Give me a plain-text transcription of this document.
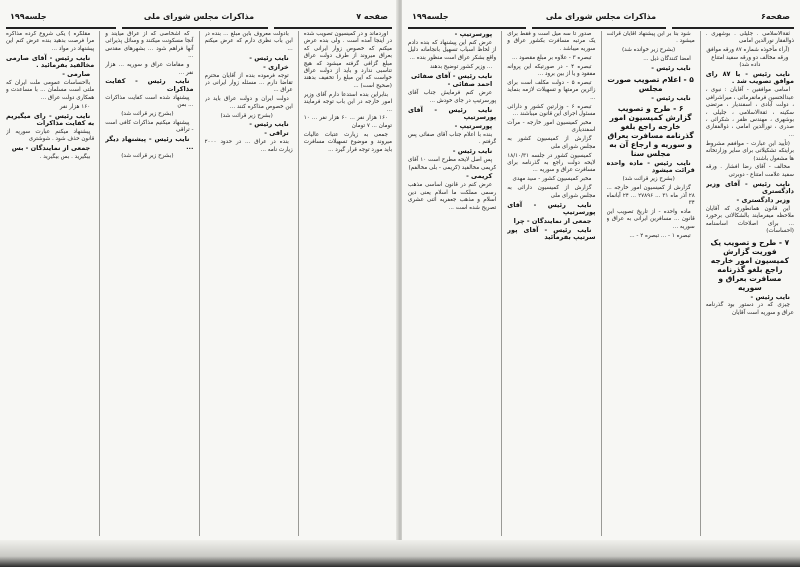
صفحه ۷
مذاکرات مجلس شورای ملی
جلسه۱۹۹

آوردماند و در کمیسیون تصویب شده در اینجا آمده است . ولی بنده عرض میکنم که خصوص زوار ایرانی که بعراق میروند از طرف دولت عراق مبلغ گزافی گرفته میشود که هیچ تناسبی ندارد و باید از دولت عراق خواست که این مبلغ را تخفیف بدهند (صحیح است) ...

بنابراین بنده استدعا دارم آقای وزیر امور خارجه در این باب توجه فرمایند ...

۱۶۰ هزار نفر ... ۶۰ هزار نفر ... ۱۰ تومان ... ۷ تومان

جمعی به زیارت عتبات عالیات میروند و موضوع تسهیلات مسافرت باید مورد توجه قرار گیرد ...

بادولت معروف باین مبلغ ... بنده در این باب نظری دارم که عرض میکنم ...

نایب رئیس -

خرازی -

توجه فرموده بنده از آقایان محترم تقاضا دارم ... مسئله زوار ایرانی در عراق ...

دولت ایران و دولت عراق باید در این خصوص مذاکره کنند ...

(بشرح زیر قرائت شد)

نایب رئیس -

تراقی -

بنده در عراق ... در حدود ۲۰۰۰ زیارت نامه ...

که اشخاصی که از عراق میآیند و آنجا مسکونت میکنند و وسائل پذیرائی آنها فراهم شود ... بشهرهای مقدس ...

و مقامات عراق و سوریه ... هزار نفر ...

نایب رئیس - کفایت مذاکرات

پیشنهاد شده است کفایت مذاکرات ... بمن

(بشرح زیر قرائت شد)

پیشنهاد میکنیم مذاکرات کافی است - تراقی

نایب رئیس - پیشنهاد دیگر ...

(بشرح زیر قرائت شد)

مقلگره ) یکی شروع کرده مذاکره مرا فرصت بدهید بنده عرض کنم این پیشنهاد در مواد ...

نایب رئیس - آقای صارمی مخالفید بفرمائید .

صارمی -

بااحساسات عمومی ملت ایران که ملتی است مسلمان ... با مساعدت و همکاری دولت عراق ...

۱۶۰ هزار نفر

نایب رئیس - رای میگیریم به کفایت مذاکرات

پیشنهاد میکنم عبارت سوریه از قانون حذف شود . شوشتری

جمعی از نمایندگان - بس

بیگیرید . بس بیگیرید .

صفحه۶
مذاکرات مجلس شورای ملی
جلسه۱۹۹

ثقةالاسلامی . جلیلی . بوشهری . ذوالفقار نورالدین امامی

(آراء مأخوذه شماره ۸۷ ورقه موافق ورقه مخالف دو ورقه سفید امتناع داده شد)

نایب رئیس - با ۸۷ رای موافق تصویب شد .

اسامی موافقین - آقایان : نبوی ، عبدالحسین فرمانفرمائی ، میراشرافی ، دولت آبادی ، اسفندیار ، مرتضی سکینه ، ثقةالاسلامی ، جلیلی ، بوشهری ، مهندس ظفر ، شکرائی ، صدری ، نورالدین امامی ، ذوالفقاری ...

(تأیید این عبارت - موافقم مشروط براینکه تشکیلاتی برای سایر وزارتخانه ها مشغول باشند)

مخالف - آقای رضا افشار . ورقه سفید علامت امتناع - دوبرتی

نایب رئیس - آقای وزیر دادگستری

وزیر دادگستری -

این قانون همانطوری که آقایان ملاحظه میفرمایند بالشکالاتی برخورد ... برای اصلاحات اساسنامه (احساسات)

۷ - طرح و تصویب یک فوریت گزارش کمیسیون امور خارجه راجع بلغو گذرنامه مسافرت بعراق و سوریه

نایب رئیس -

چیزی که در دستور بود گذرنامه عراق و سوریه است آقایان

شود بنا بر این پیشنهاد آقایان قرائت میشود .

(بشرح زیر خوانده شد)

امضا کنندگان ذیل ...

نایب رئیس -

۵ - اعلام تصویب صورت مجلس

نایب رئیس -

۶ - طرح و تصویب گزارش کمیسیون امور خارجه راجع بلغو گذرنامه مسافرت بعراق و سوریه و ارجاع آن به مجلس سنا

نایب رئیس - ماده واحده قرائت میشود

(بشرح زیر قرائت شد)

گزارش از کمیسیون امور خارجه ... ۲۸ آذر ماه ۳۱ ... ۲۷۸۹۶ ... ۲۴ آبانماه ۳۴

ماده واحده - از تاریخ تصویب این قانون ... مسافرین ایرانی به عراق و سوریه ...

تبصره ۱ - ... تبصره ۲ - ...

صدور تا سه میل است و فقط برای یک مرتبه مسافرت بکشور عراق و سوریه میباشد .

تبصره ۳ - علاوه بر مبلغ مقصود ...

تبصره ۴ - در صورتیکه این پروانه مفقود و یا از بین برود ...

تبصره ۵ - دولت مکلف است برای زائرین مرمتها و تسهیلات لازمه بنماید ...

تبصره ۶ - وزارتین کشور و دارائی مسئول اجرای این قانون میباشند ...

مخبر کمیسیون امور خارجه - مرآت اسفندیاری

گزارش از کمیسیون کشور به مجلس شورای ملی

کمیسیون کشور در جلسه ۱۸/۱۰/۳۱ لایحه دولت راجع به گذرنامه برای مسافرت عراق و سوریه ...

مخبر کمیسیون کشور - سید مهدی

گزارش از کمیسیون دارائی به مجلس شورای ملی

نایب رئیس - آقای پورسرتیپ

جمعی از نمایندگان - چرا

نایب رئیس - آقای پور سرتیپ بفرمائید

پورسرتیپ -

عرض کنم این پیشنهاد که بنده دادم از لحاظ اسباب تسهیل بانجامانه دلیل واقع بشکر عراق است منظور بنده ...

... وزیر کشور توضیح بدهند

نایب رئیس - آقای صفائی

احمد صفائی -

عرض کنم فرمایش جناب آقای پورسرتیپ در جای خودش ...

نایب رئیس - آقای پورسرتیپ

پورسرتیپ -

بنده با اعلام جناب آقای صفائی پس گرفتم .

نایب رئیس -

پس اصل لایحه مطرح است ۱۰ آقای کریمی مخالفید (کریمی - بلی مخالفم)

کریمی -

عرض کنم در قانون اساسی مذهب رسمی مملکت ما اسلام یعنی دین اسلام و مذهب جعفریه اثنی عشری تصریح شده است ...
